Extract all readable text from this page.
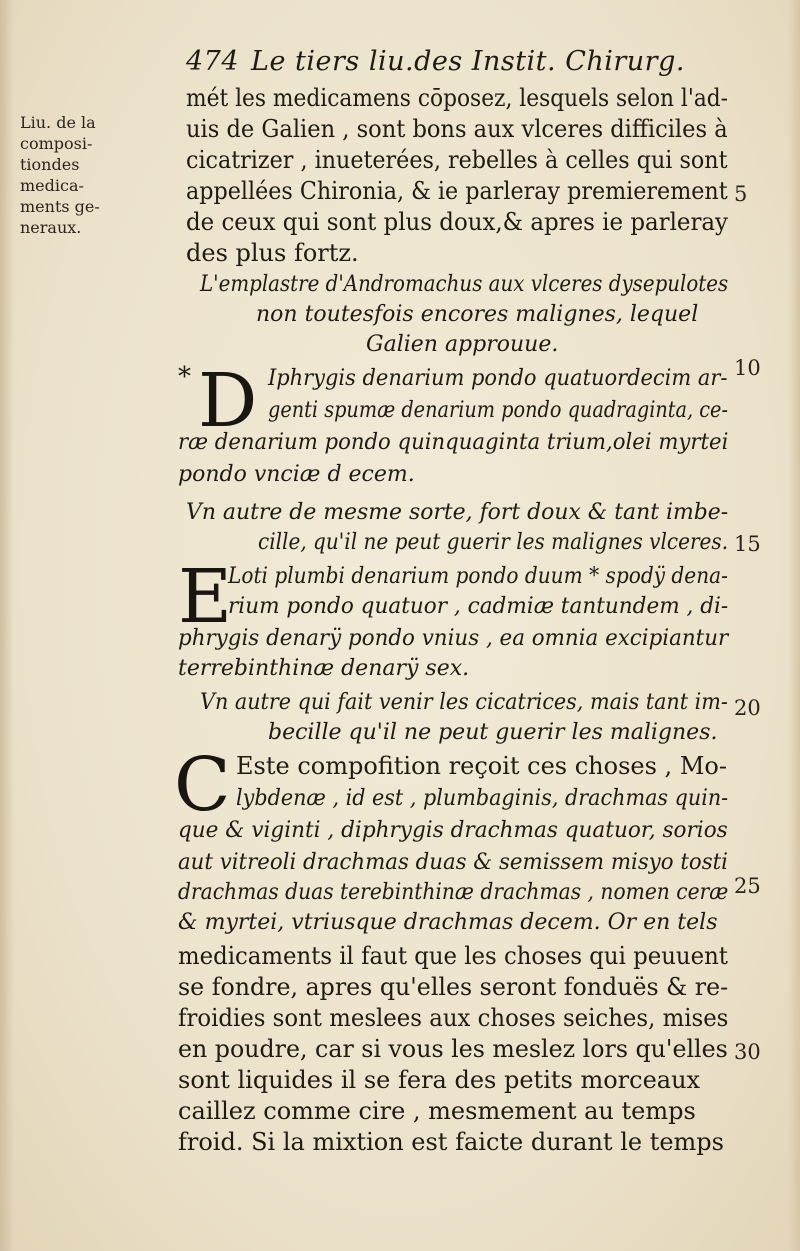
474 Le tiers liu.des Instit. Chirurg.
Liu. de la
composi-
tiondes
medica-
ments ge-
neraux.
mét les medicamens cōposez, lesquels selon l'ad-
uis de Galien , sont bons aux vlceres difficiles à
cicatrizer , inueterées, rebelles à celles qui sont
appellées Chironia, & ie parleray premierement
de ceux qui sont plus doux,& apres ie parleray
des plus fortz.
L'emplastre d'Andromachus aux vlceres dysepulotes
non toutesfois encores malignes, lequel
Galien approuue.
* D Iphrygis denarium pondo quatuordecim ar-
genti spumæ denarium pondo quadraginta, ce-
ræ denarium pondo quinquaginta trium,olei myrtei
pondo vnciæ d ecem.
Vn autre de mesme sorte, fort doux & tant imbe-
cille, qu'il ne peut guerir les malignes vlceres.
E
Loti plumbi denarium pondo duum * spodÿ dena-
rium pondo quatuor , cadmiæ tantundem , di-
phrygis denarÿ pondo vnius , ea omnia excipiantur
terrebinthinæ denarÿ sex.
Vn autre qui fait venir les cicatrices, mais tant im-
becille qu'il ne peut guerir les malignes.
C Este compofition reçoit ces choses , Mo-
lybdenæ , id est , plumbaginis, drachmas quin-
que & viginti , diphrygis drachmas quatuor, sorios
aut vitreoli drachmas duas & semissem misyo tosti
drachmas duas terebinthinæ drachmas , nomen ceræ
& myrtei, vtriusque drachmas decem. Or en tels
medicaments il faut que les choses qui peuuent
se fondre, apres qu'elles seront fonduës & re-
froidies sont meslees aux choses seiches, mises
en poudre, car si vous les meslez lors qu'elles
sont liquides il se fera des petits morceaux
caillez comme cire , mesmement au temps
froid. Si la mixtion est faicte durant le temps
5
10
15
20
25
30
